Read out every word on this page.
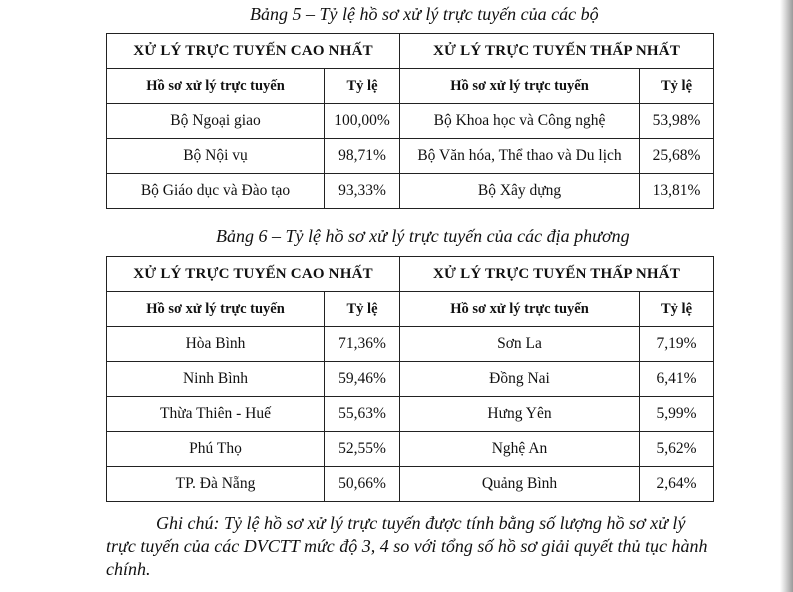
Bảng 5 – Tỷ lệ hồ sơ xử lý trực tuyến của các bộ
XỬ LÝ TRỰC TUYẾN CAO NHẤT		XỬ LÝ TRỰC TUYẾN THẤP NHẤT	
Hồ sơ xử lý trực tuyến	Tỷ lệ	Hồ sơ xử lý trực tuyến	Tỷ lệ
Bộ Ngoại giao	100,00%	Bộ Khoa học và Công nghệ	53,98%
Bộ Nội vụ	98,71%	Bộ Văn hóa, Thể thao và Du lịch	25,68%
Bộ Giáo dục và Đào tạo	93,33%	Bộ Xây dựng	13,81%
Bảng 6 – Tỷ lệ hồ sơ xử lý trực tuyến của các địa phương
XỬ LÝ TRỰC TUYẾN CAO NHẤT		XỬ LÝ TRỰC TUYẾN THẤP NHẤT	
Hồ sơ xử lý trực tuyến	Tỷ lệ	Hồ sơ xử lý trực tuyến	Tỷ lệ
Hòa Bình	71,36%	Sơn La	7,19%
Ninh Bình	59,46%	Đồng Nai	6,41%
Thừa Thiên - Huế	55,63%	Hưng Yên	5,99%
Phú Thọ	52,55%	Nghệ An	5,62%
TP. Đà Nẵng	50,66%	Quảng Bình	2,64%
Ghi chú: Tỷ lệ hồ sơ xử lý trực tuyến được tính bằng số lượng hồ sơ xử lý trực tuyến của các DVCTT mức độ 3, 4 so với tổng số hồ sơ giải quyết thủ tục hành chính.
